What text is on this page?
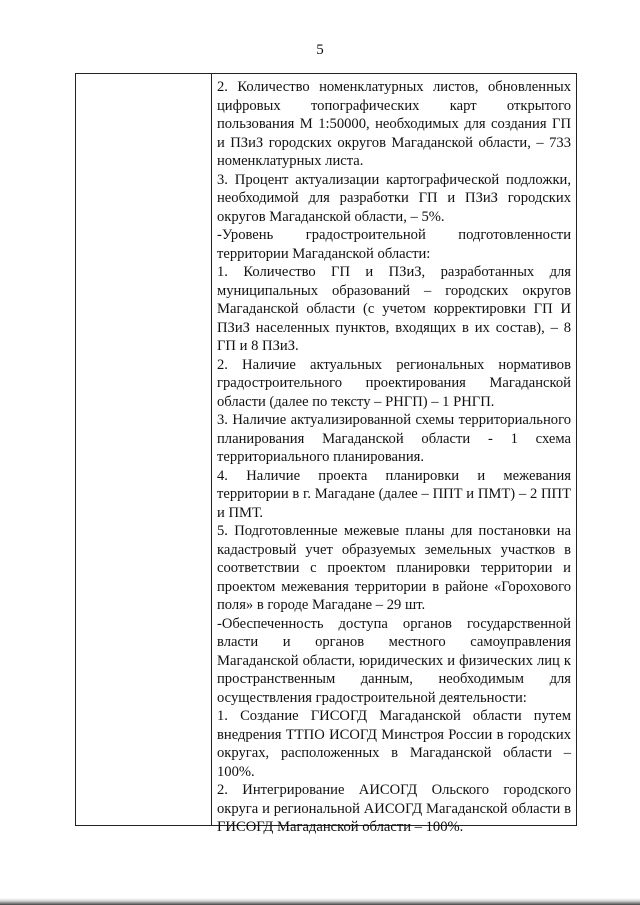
5

2. Количество номенклатурных листов, обновленных цифровых топографических карт открытого пользования М 1:50000, необходимых для создания ГП и ПЗиЗ городских округов Магаданской области, – 733 номенклатурных листа.

3. Процент актуализации картографической подложки, необходимой для разработки ГП и ПЗиЗ городских округов Магаданской области, – 5%.

-Уровень градостроительной подготовленности территории Магаданской области:

1. Количество ГП и ПЗиЗ, разработанных для муниципальных образований – городских округов Магаданской области (с учетом корректировки ГП И ПЗиЗ населенных пунктов, входящих в их состав), – 8 ГП и 8 ПЗиЗ.

2. Наличие актуальных региональных нормативов градостроительного проектирования Магаданской области (далее по тексту – РНГП) – 1 РНГП.

3. Наличие актуализированной схемы территориального планирования Магаданской области - 1 схема территориального планирования.

4. Наличие проекта планировки и межевания территории в г. Магадане (далее – ППТ и ПМТ) – 2 ППТ и ПМТ.

5. Подготовленные межевые планы для постановки на кадастровый учет образуемых земельных участков в соответствии с проектом планировки территории и проектом межевания территории в районе «Горохового поля» в городе Магадане – 29 шт.

-Обеспеченность доступа органов государственной власти и органов местного самоуправления Магаданской области, юридических и физических лиц к пространственным данным, необходимым для осуществления градостроительной деятельности:

1. Создание ГИСОГД Магаданской области путем внедрения ТТПО ИСОГД Минстроя России в городских округах, расположенных в Магаданской области – 100%.

2. Интегрирование АИСОГД Ольского городского округа и региональной АИСОГД Магаданской области в ГИСОГД Магаданской области – 100%.
